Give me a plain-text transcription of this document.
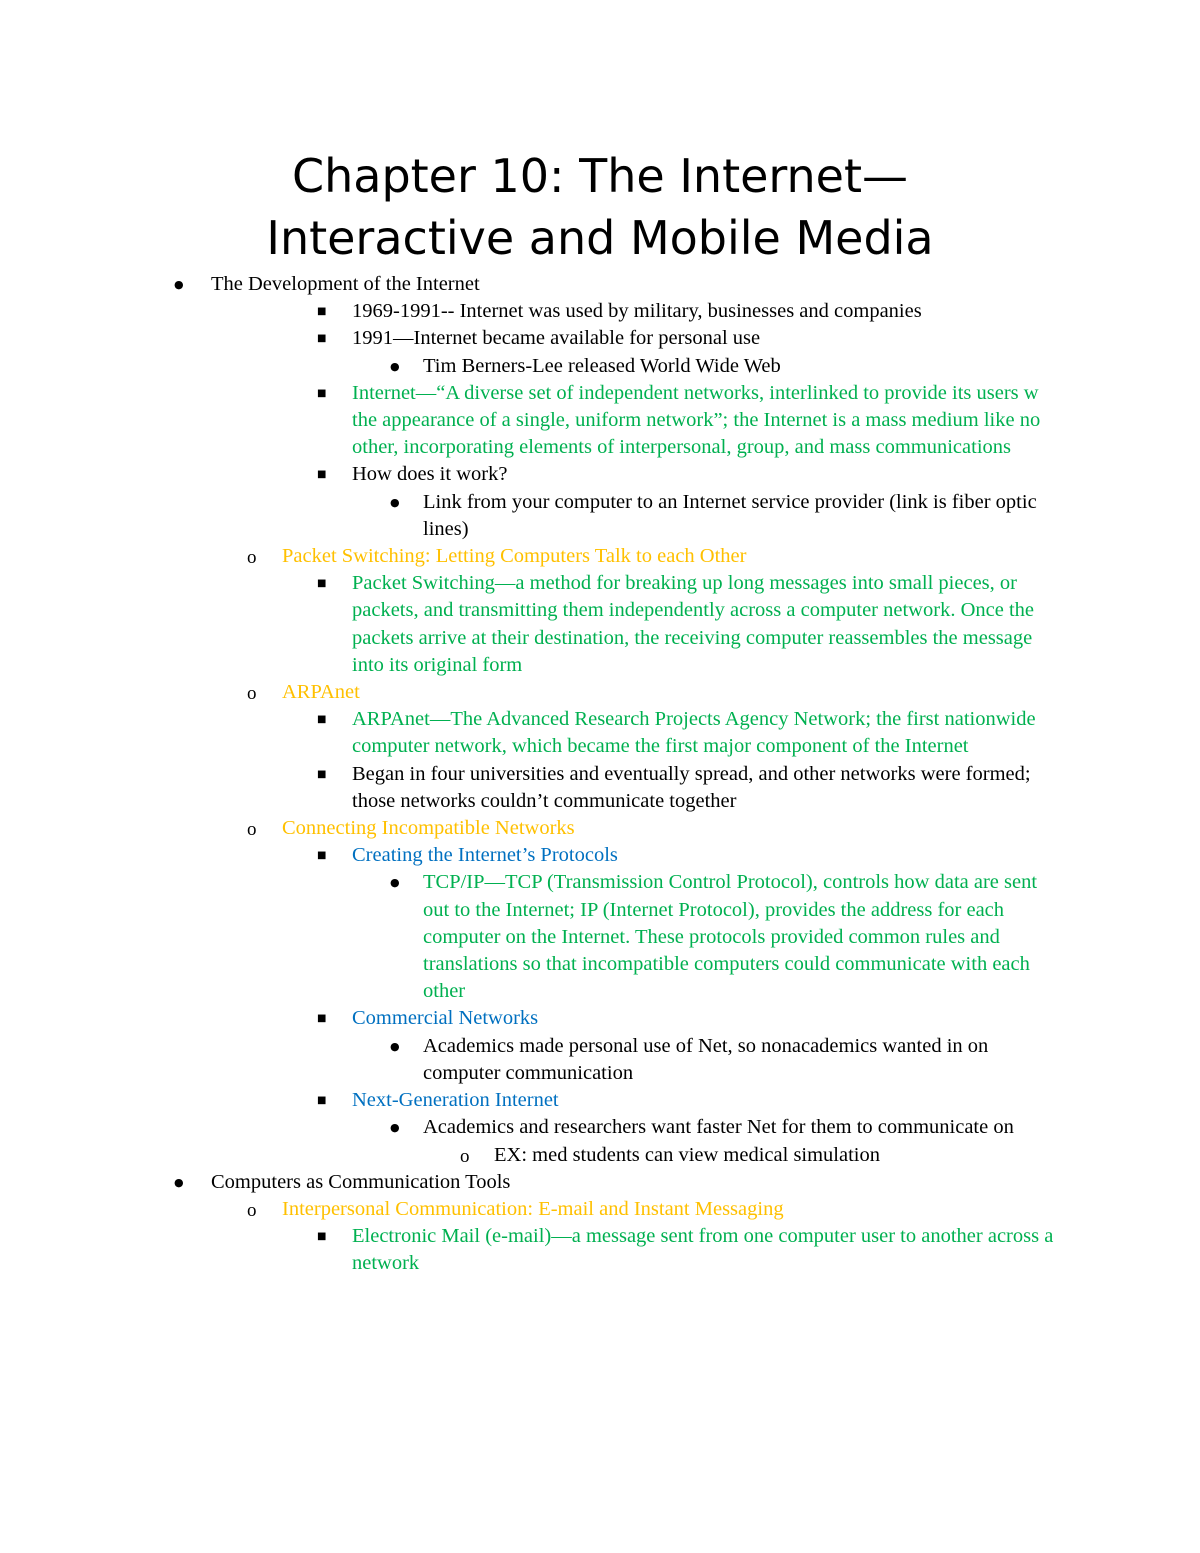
Chapter 10: The Internet—
Interactive and Mobile Media
●
The Development of the Internet
■
1969-1991-- Internet was used by military, businesses and companies
■
1991—Internet became available for personal use
●
Tim Berners-Lee released World Wide Web
■
Internet—“A diverse set of independent networks, interlinked to provide its users w the appearance of a single, uniform network”; the Internet is a mass medium like no other, incorporating elements of interpersonal, group, and mass communications
■
How does it work?
●
Link from your computer to an Internet service provider (link is fiber optic lines)
o
Packet Switching: Letting Computers Talk to each Other
■
Packet Switching—a method for breaking up long messages into small pieces, or packets, and transmitting them independently across a computer network. Once the packets arrive at their destination, the receiving computer reassembles the message into its original form
o
ARPAnet
■
ARPAnet—The Advanced Research Projects Agency Network; the first nationwide computer network, which became the first major component of the Internet
■
Began in four universities and eventually spread, and other networks were formed; those networks couldn’t communicate together
o
Connecting Incompatible Networks
■
Creating the Internet’s Protocols
●
TCP/IP—TCP (Transmission Control Protocol), controls how data are sent out to the Internet; IP (Internet Protocol), provides the address for each computer on the Internet. These protocols provided common rules and translations so that incompatible computers could communicate with each other
■
Commercial Networks
●
Academics made personal use of Net, so nonacademics wanted in on computer communication
■
Next-Generation Internet
●
Academics and researchers want faster Net for them to communicate on
o
EX: med students can view medical simulation
●
Computers as Communication Tools
o
Interpersonal Communication: E-mail and Instant Messaging
■
Electronic Mail (e-mail)—a message sent from one computer user to another across a network
